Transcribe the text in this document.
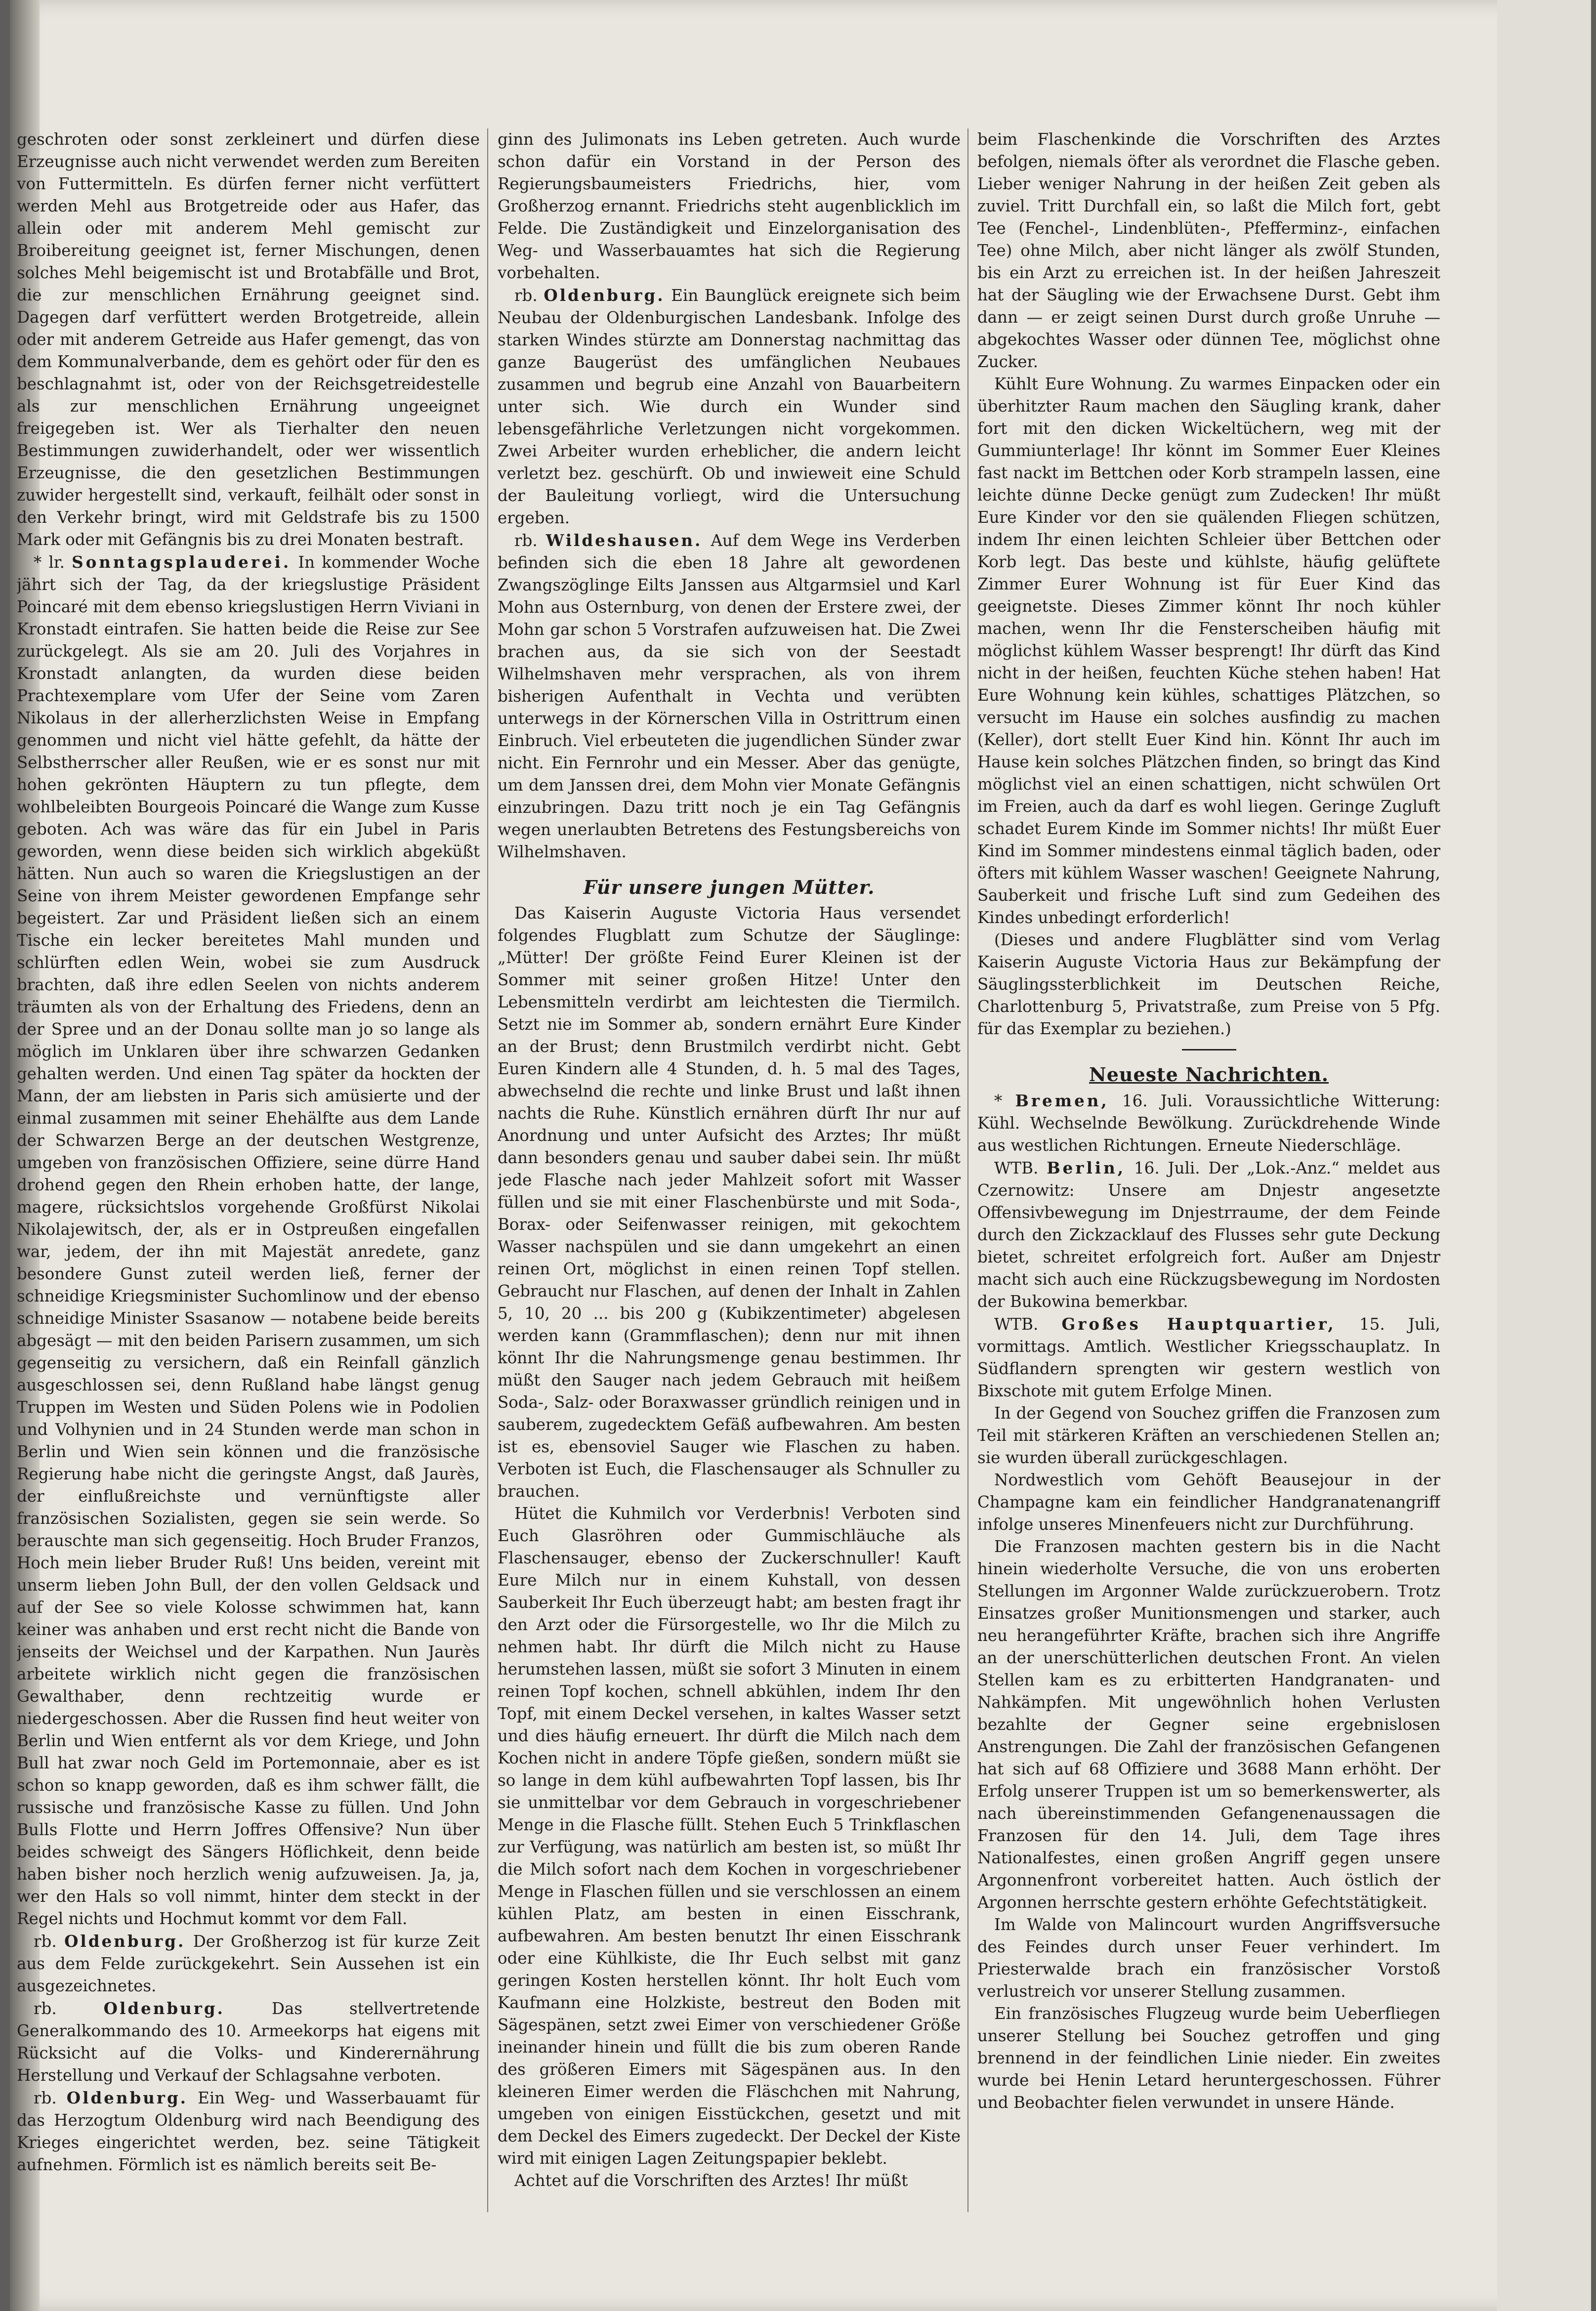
geschroten oder sonst zerkleinert und dürfen diese Erzeugnisse auch nicht verwendet werden zum Bereiten von Futtermitteln. Es dürfen ferner nicht verfüttert werden Mehl aus Brotgetreide oder aus Hafer, das allein oder mit anderem Mehl gemischt zur Broibereitung geeignet ist, ferner Mischungen, denen solches Mehl beigemischt ist und Brotabfälle und Brot, die zur menschlichen Ernährung geeignet sind. Dagegen darf verfüttert werden Brotgetreide, allein oder mit anderem Getreide aus Hafer gemengt, das von dem Kommunalverbande, dem es gehört oder für den es beschlagnahmt ist, oder von der Reichsgetreidestelle als zur menschlichen Ernährung ungeeignet freigegeben ist. Wer als Tierhalter den neuen Bestimmungen zuwiderhandelt, oder wer wissentlich Erzeugnisse, die den gesetzlichen Bestimmungen zuwider hergestellt sind, verkauft, feilhält oder sonst in den Verkehr bringt, wird mit Geldstrafe bis zu 1500 Mark oder mit Gefängnis bis zu drei Monaten bestraft.

* lr. Sonntagsplauderei. In kommender Woche jährt sich der Tag, da der kriegslustige Präsident Poincaré mit dem ebenso kriegslustigen Herrn Viviani in Kronstadt eintrafen. Sie hatten beide die Reise zur See zurückgelegt. Als sie am 20. Juli des Vorjahres in Kronstadt anlangten, da wurden diese beiden Prachtexemplare vom Ufer der Seine vom Zaren Nikolaus in der allerherzlichsten Weise in Empfang genommen und nicht viel hätte gefehlt, da hätte der Selbstherrscher aller Reußen, wie er es sonst nur mit hohen gekrönten Häuptern zu tun pflegte, dem wohlbeleibten Bourgeois Poincaré die Wange zum Kusse geboten. Ach was wäre das für ein Jubel in Paris geworden, wenn diese beiden sich wirklich abgeküßt hätten. Nun auch so waren die Kriegslustigen an der Seine von ihrem Meister gewordenen Empfange sehr begeistert. Zar und Präsident ließen sich an einem Tische ein lecker bereitetes Mahl munden und schlürften edlen Wein, wobei sie zum Ausdruck brachten, daß ihre edlen Seelen von nichts anderem träumten als von der Erhaltung des Friedens, denn an der Spree und an der Donau sollte man jo so lange als möglich im Unklaren über ihre schwarzen Gedanken gehalten werden. Und einen Tag später da hockten der Mann, der am liebsten in Paris sich amüsierte und der einmal zusammen mit seiner Ehehälfte aus dem Lande der Schwarzen Berge an der deutschen Westgrenze, umgeben von französischen Offiziere, seine dürre Hand drohend gegen den Rhein erhoben hatte, der lange, magere, rücksichtslos vorgehende Großfürst Nikolai Nikolajewitsch, der, als er in Ostpreußen eingefallen war, jedem, der ihn mit Majestät anredete, ganz besondere Gunst zuteil werden ließ, ferner der schneidige Kriegsminister Suchomlinow und der ebenso schneidige Minister Ssasanow — notabene beide bereits abgesägt — mit den beiden Parisern zusammen, um sich gegenseitig zu versichern, daß ein Reinfall gänzlich ausgeschlossen sei, denn Rußland habe längst genug Truppen im Westen und Süden Polens wie in Podolien und Volhynien und in 24 Stunden werde man schon in Berlin und Wien sein können und die französische Regierung habe nicht die geringste Angst, daß Jaurès, der einflußreichste und vernünftigste aller französischen Sozialisten, gegen sie sein werde. So berauschte man sich gegenseitig. Hoch Bruder Franzos, Hoch mein lieber Bruder Ruß! Uns beiden, vereint mit unserm lieben John Bull, der den vollen Geldsack und auf der See so viele Kolosse schwimmen hat, kann keiner was anhaben und erst recht nicht die Bande von jenseits der Weichsel und der Karpathen. Nun Jaurès arbeitete wirklich nicht gegen die französischen Gewalthaber, denn rechtzeitig wurde er niedergeschossen. Aber die Russen find heut weiter von Berlin und Wien entfernt als vor dem Kriege, und John Bull hat zwar noch Geld im Portemonnaie, aber es ist schon so knapp geworden, daß es ihm schwer fällt, die russische und französische Kasse zu füllen. Und John Bulls Flotte und Herrn Joffres Offensive? Nun über beides schweigt des Sängers Höflichkeit, denn beide haben bisher noch herzlich wenig aufzuweisen. Ja, ja, wer den Hals so voll nimmt, hinter dem steckt in der Regel nichts und Hochmut kommt vor dem Fall.

rb. Oldenburg. Der Großherzog ist für kurze Zeit aus dem Felde zurückgekehrt. Sein Aussehen ist ein ausgezeichnetes.

rb.	Oldenburg.	Das stellvertretende Generalkommando des 10. Armeekorps hat eigens mit Rücksicht auf die Volks- und Kinderernährung Herstellung und Verkauf der Schlagsahne verboten.

rb. Oldenburg. Ein Weg- und Wasserbauamt für das Herzogtum Oldenburg wird nach Beendigung des Krieges eingerichtet werden, bez. seine Tätigkeit aufnehmen. Förmlich ist es nämlich bereits seit Be-

ginn des Julimonats ins Leben getreten. Auch wurde schon dafür ein Vorstand in der Person des Regierungsbaumeisters Friedrichs, hier, vom Großherzog ernannt. Friedrichs steht augenblicklich im Felde. Die Zuständigkeit und Einzelorganisation des Weg- und Wasserbauamtes hat sich die Regierung vorbehalten.

rb. Oldenburg. Ein Baunglück ereignete sich beim Neubau der Oldenburgischen Landesbank. Infolge des starken Windes stürzte am Donnerstag nachmittag das ganze Baugerüst des umfänglichen Neubaues zusammen und begrub eine Anzahl von Bauarbeitern unter sich. Wie durch ein Wunder sind lebensgefährliche Verletzungen nicht vorgekommen. Zwei Arbeiter wurden erheblicher, die andern leicht verletzt bez. geschürft. Ob und inwieweit eine Schuld der Bauleitung vorliegt, wird die Untersuchung ergeben.

rb. Wildeshausen. Auf dem Wege ins Verderben befinden sich die eben 18 Jahre alt gewordenen Zwangszöglinge Eilts Janssen aus Altgarmsiel und Karl Mohn aus Osternburg, von denen der Erstere zwei, der Mohn gar schon 5 Vorstrafen aufzuweisen hat. Die Zwei brachen aus, da sie sich von der Seestadt Wilhelmshaven mehr versprachen, als von ihrem bisherigen Aufenthalt in Vechta und verübten unterwegs in der Körnerschen Villa in Ostrittrum einen Einbruch. Viel erbeuteten die jugendlichen Sünder zwar nicht. Ein Fernrohr und ein Messer. Aber das genügte, um dem Janssen drei, dem Mohn vier Monate Gefängnis einzubringen. Dazu tritt noch je ein Tag Gefängnis wegen unerlaubten Betretens des Festungsbereichs von Wilhelmshaven.

Für unsere jungen Mütter.

Das Kaiserin Auguste Victoria Haus versendet folgendes Flugblatt zum Schutze der Säuglinge: „Mütter! Der größte Feind Eurer Kleinen ist der Sommer mit seiner großen Hitze! Unter den Lebensmitteln verdirbt am leichtesten die Tiermilch. Setzt nie im Sommer ab, sondern ernährt Eure Kinder an der Brust; denn Brustmilch verdirbt nicht. Gebt Euren Kindern alle 4 Stunden, d. h. 5 mal des Tages, abwechselnd die rechte und linke Brust und laßt ihnen nachts die Ruhe. Künstlich ernähren dürft Ihr nur auf Anordnung und unter Aufsicht des Arztes; Ihr müßt dann besonders genau und sauber dabei sein. Ihr müßt jede Flasche nach jeder Mahlzeit sofort mit Wasser füllen und sie mit einer Flaschenbürste und mit Soda-, Borax- oder Seifenwasser reinigen, mit gekochtem Wasser nachspülen und sie dann umgekehrt an einen reinen Ort, möglichst in einen reinen Topf stellen. Gebraucht nur Flaschen, auf denen der Inhalt in Zahlen 5, 10, 20 ... bis 200 g (Kubikzentimeter) abgelesen werden kann (Grammflaschen); denn nur mit ihnen könnt Ihr die Nahrungsmenge genau bestimmen. Ihr müßt den Sauger nach jedem Gebrauch mit heißem Soda-, Salz- oder Boraxwasser gründlich reinigen und in sauberem, zugedecktem Gefäß aufbewahren. Am besten ist es, ebensoviel Sauger wie Flaschen zu haben. Verboten ist Euch, die Flaschensauger als Schnuller zu brauchen.

Hütet die Kuhmilch vor Verderbnis! Verboten sind Euch Glasröhren oder Gummischläuche als Flaschensauger, ebenso der Zuckerschnuller! Kauft Eure Milch nur in einem Kuhstall, von dessen Sauberkeit Ihr Euch überzeugt habt; am besten fragt ihr den Arzt oder die Fürsorgestelle, wo Ihr die Milch zu nehmen habt. Ihr dürft die Milch nicht zu Hause herumstehen lassen, müßt sie sofort 3 Minuten in einem reinen Topf kochen, schnell abkühlen, indem Ihr den Topf, mit einem Deckel versehen, in kaltes Wasser setzt und dies häufig erneuert. Ihr dürft die Milch nach dem Kochen nicht in andere Töpfe gießen, sondern müßt sie so lange in dem kühl aufbewahrten Topf lassen, bis Ihr sie unmittelbar vor dem Gebrauch in vorgeschriebener Menge in die Flasche füllt. Stehen Euch 5 Trinkflaschen zur Verfügung, was natürlich am besten ist, so müßt Ihr die Milch sofort nach dem Kochen in vorgeschriebener Menge in Flaschen füllen und sie verschlossen an einem kühlen Platz, am besten in einen Eisschrank, aufbewahren. Am besten benutzt Ihr einen Eisschrank oder eine Kühlkiste, die Ihr Euch selbst mit ganz geringen Kosten herstellen könnt. Ihr holt Euch vom Kaufmann eine Holzkiste, bestreut den Boden mit Sägespänen, setzt zwei Eimer von verschiedener Größe ineinander hinein und füllt die bis zum oberen Rande des größeren Eimers mit Sägespänen aus. In den kleineren Eimer werden die Fläschchen mit Nahrung, umgeben von einigen Eisstückchen, gesetzt und mit dem Deckel des Eimers zugedeckt. Der Deckel der Kiste wird mit einigen Lagen Zeitungspapier beklebt.

Achtet auf die Vorschriften des Arztes! Ihr müßt

beim Flaschenkinde die Vorschriften des Arztes befolgen, niemals öfter als verordnet die Flasche geben. Lieber weniger Nahrung in der heißen Zeit geben als zuviel. Tritt Durchfall ein, so laßt die Milch fort, gebt Tee (Fenchel-, Lindenblüten-, Pfefferminz-, einfachen Tee) ohne Milch, aber nicht länger als zwölf Stunden, bis ein Arzt zu erreichen ist. In der heißen Jahreszeit hat der Säugling wie der Erwachsene Durst. Gebt ihm dann — er zeigt seinen Durst durch große Unruhe — abgekochtes Wasser oder dünnen Tee, möglichst ohne Zucker.

Kühlt Eure Wohnung. Zu warmes Einpacken oder ein überhitzter Raum machen den Säugling krank, daher fort mit den dicken Wickeltüchern, weg mit der Gummiunterlage! Ihr könnt im Sommer Euer Kleines fast nackt im Bettchen oder Korb strampeln lassen, eine leichte dünne Decke genügt zum Zudecken! Ihr müßt Eure Kinder vor den sie quälenden Fliegen schützen, indem Ihr einen leichten Schleier über Bettchen oder Korb legt. Das beste und kühlste, häufig gelüftete Zimmer Eurer Wohnung ist für Euer Kind das geeignetste. Dieses Zimmer könnt Ihr noch kühler machen, wenn Ihr die Fensterscheiben häufig mit möglichst kühlem Wasser besprengt! Ihr dürft das Kind nicht in der heißen, feuchten Küche stehen haben! Hat Eure Wohnung kein kühles, schattiges Plätzchen, so versucht im Hause ein solches ausfindig zu machen (Keller), dort stellt Euer Kind hin. Könnt Ihr auch im Hause kein solches Plätzchen finden, so bringt das Kind möglichst viel an einen schattigen, nicht schwülen Ort im Freien, auch da darf es wohl liegen. Geringe Zugluft schadet Eurem Kinde im Sommer nichts! Ihr müßt Euer Kind im Sommer mindestens einmal täglich baden, oder öfters mit kühlem Wasser waschen! Geeignete Nahrung, Sauberkeit und frische Luft sind zum Gedeihen des Kindes unbedingt erforderlich!

(Dieses und andere Flugblätter sind vom Verlag Kaiserin Auguste Victoria Haus zur Bekämpfung der Säuglingssterblichkeit im Deutschen Reiche, Charlottenburg 5, Privatstraße, zum Preise von 5 Pfg. für das Exemplar zu beziehen.)

Neueste Nachrichten.

* Bremen, 16. Juli. Voraussichtliche Witterung: Kühl. Wechselnde Bewölkung. Zurückdrehende Winde aus westlichen Richtungen. Erneute Niederschläge.

WTB. Berlin, 16. Juli. Der „Lok.-Anz.“ meldet aus Czernowitz: Unsere am Dnjestr angesetzte Offensivbewegung im Dnjestrraume, der dem Feinde durch den Zickzacklauf des Flusses sehr gute Deckung bietet, schreitet erfolgreich fort. Außer am Dnjestr macht sich auch eine Rückzugsbewegung im Nordosten der Bukowina bemerkbar.

WTB. Großes Hauptquartier, 15. Juli, vormittags. Amtlich. Westlicher Kriegsschauplatz. In Südflandern sprengten wir gestern westlich von Bixschote mit gutem Erfolge Minen.

In der Gegend von Souchez griffen die Franzosen zum Teil mit stärkeren Kräften an verschiedenen Stellen an; sie wurden überall zurückgeschlagen.

Nordwestlich vom Gehöft Beausejour in der Champagne kam ein feindlicher Handgranatenangriff infolge unseres Minenfeuers nicht zur Durchführung.

Die Franzosen machten gestern bis in die Nacht hinein wiederholte Versuche, die von uns eroberten Stellungen im Argonner Walde zurückzuerobern. Trotz Einsatzes großer Munitionsmengen und starker, auch neu herangeführter Kräfte, brachen sich ihre Angriffe an der unerschütterlichen deutschen Front. An vielen Stellen kam es zu erbitterten Handgranaten- und Nahkämpfen. Mit ungewöhnlich hohen Verlusten bezahlte der Gegner seine ergebnislosen Anstrengungen. Die Zahl der französischen Gefangenen hat sich auf 68 Offiziere und 3688 Mann erhöht. Der Erfolg unserer Truppen ist um so bemerkenswerter, als nach übereinstimmenden Gefangenenaussagen die Franzosen für den 14. Juli, dem Tage ihres Nationalfestes, einen großen Angriff gegen unsere Argonnenfront vorbereitet hatten. Auch östlich der Argonnen herrschte gestern erhöhte Gefechtstätigkeit.

Im Walde von Malincourt wurden Angriffsversuche des Feindes durch unser Feuer verhindert. Im Priesterwalde brach ein französischer Vorstoß verlustreich vor unserer Stellung zusammen.

Ein französisches Flugzeug wurde beim Ueberfliegen unserer Stellung bei Souchez getroffen und ging brennend in der feindlichen Linie nieder. Ein zweites wurde bei Henin Letard heruntergeschossen. Führer und Beobachter fielen verwundet in unsere Hände.
